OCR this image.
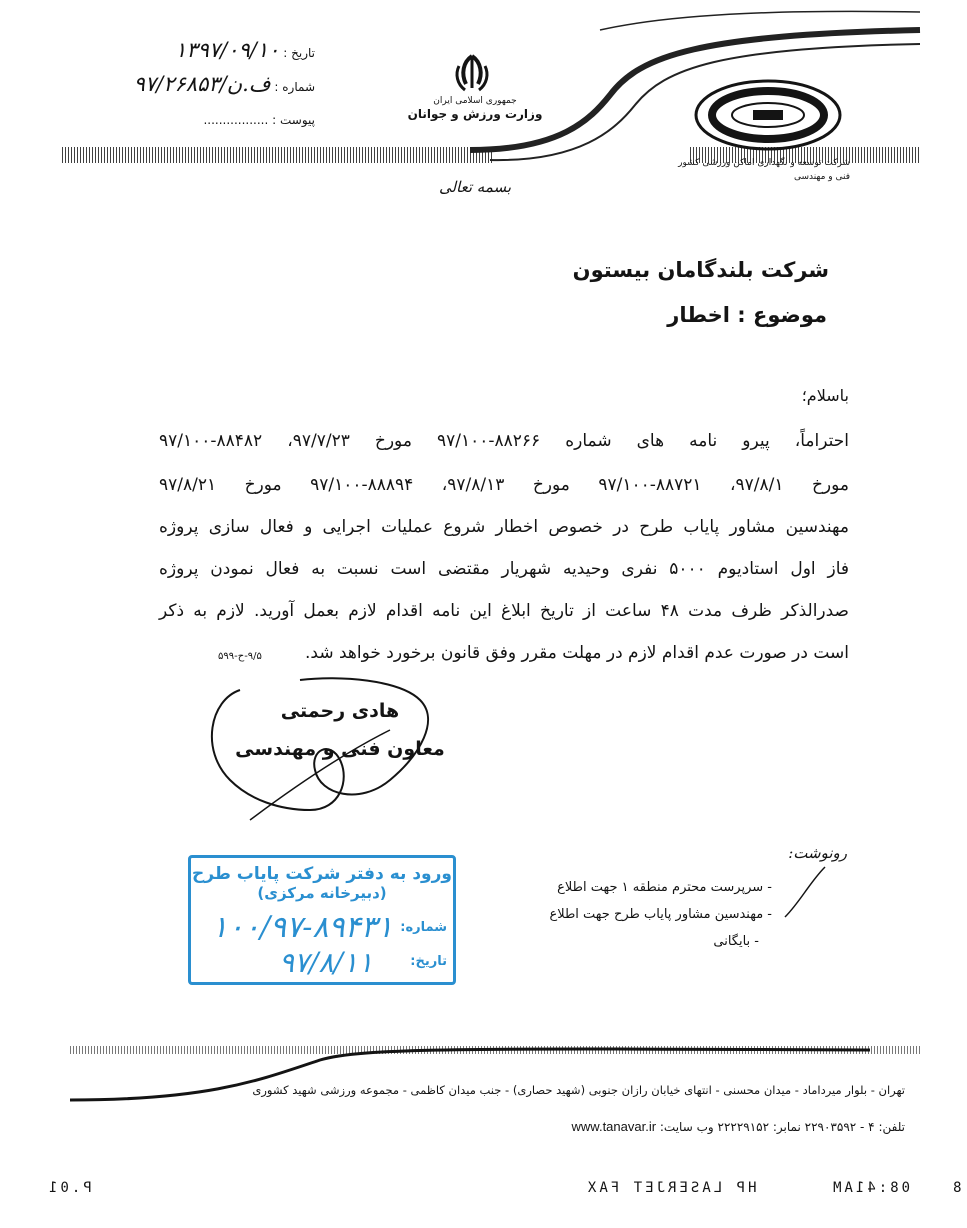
تاریخ : ۱۳۹۷/۰۹/۱۰
شماره : ف.ن/۹۷/۲۶۸۵۳
پیوست : .................
جمهوری اسلامی ایران
وزارت ورزش و جوانان
شرکت توسعه و نگهداری اماکن ورزشی کشور
فنی و مهندسی
بسمه تعالی
شرکت بلندگامان بیستون
موضوع : اخطار
باسلام؛
احتراماً، پیرو نامه های شماره ۸۸۲۶۶-۹۷/۱۰۰ مورخ ۹۷/۷/۲۳، ۸۸۴۸۲-۹۷/۱۰۰
مورخ ۹۷/۸/۱، ۸۸۷۲۱-۹۷/۱۰۰ مورخ ۹۷/۸/۱۳، ۸۸۸۹۴-۹۷/۱۰۰ مورخ ۹۷/۸/۲۱
مهندسین مشاور پایاب طرح در خصوص اخطار شروع عملیات اجرایی و فعال سازی پروژه
فاز اول استادیوم ۵۰۰۰ نفری وحیدیه شهریار مقتضی است نسبت به فعال نمودن پروژه
صدرالذکر ظرف مدت ۴۸ ساعت از تاریخ ابلاغ این نامه اقدام لازم بعمل آورید. لازم به ذکر
است در صورت عدم اقدام لازم در مهلت مقرر وفق قانون برخورد خواهد شد.
۹/۵-ح-۵۹۹
هادی رحمتی
معاون فنی و مهندسی
ورود به دفتر شرکت پایاب طرح
(دبیرخانه مرکزی)
شماره:
۱۰۰/۹۷-۸۹۴۳۱
تاریخ:
۹۷/۸/۱۱
رونوشت:
- سرپرست محترم منطقه ۱ جهت اطلاع
- مهندسین مشاور پایاب طرح جهت اطلاع
- بایگانی
تهران - بلوار میرداماد - میدان محسنی - انتهای خیابان رازان جنوبی (شهید حصاری) - جنب میدان کاظمی - مجموعه ورزشی شهید کشوری
تلفن: ۴ - ۲۲۹۰۳۵۹۲ نمابر: ۲۲۲۲۹۱۵۲ وب سایت: www.tanavar.ir
P.01	HP LASERJET FAX	08:41AM	8
